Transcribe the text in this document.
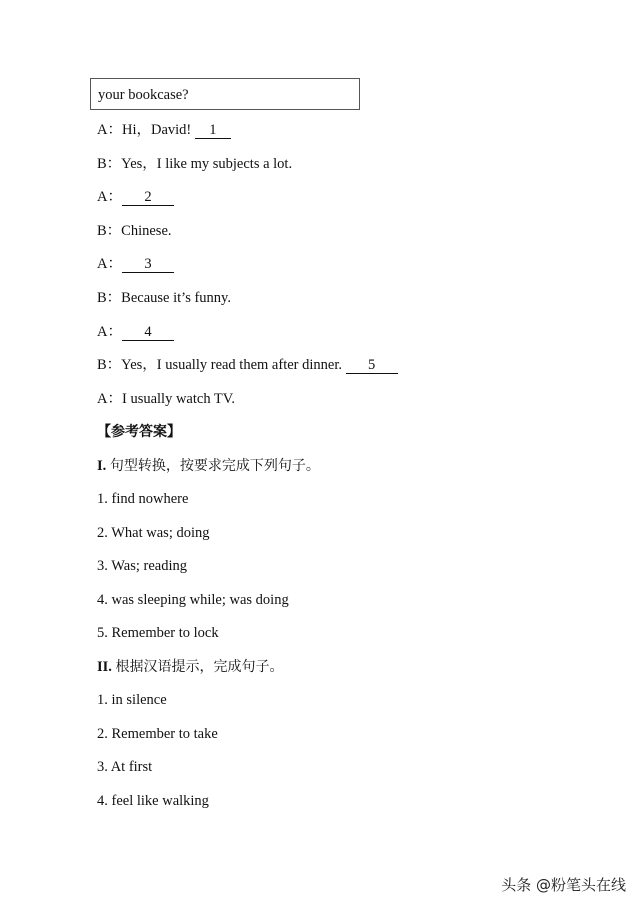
your bookcase?
A：Hi，David! 1
B：Yes，I like my subjects a lot.
A： 2
B：Chinese.
A： 3
B：Because it’s funny.
A： 4
B：Yes，I usually read them after dinner. 5
A：I usually watch TV.
【参考答案】
I. 句型转换，按要求完成下列句子。
1. find nowhere
2. What was; doing
3. Was; reading
4. was sleeping while; was doing
5. Remember to lock
II. 根据汉语提示，完成句子。
1. in silence
2. Remember to take
3. At first
4. feel like walking
头条 @粉笔头在线
